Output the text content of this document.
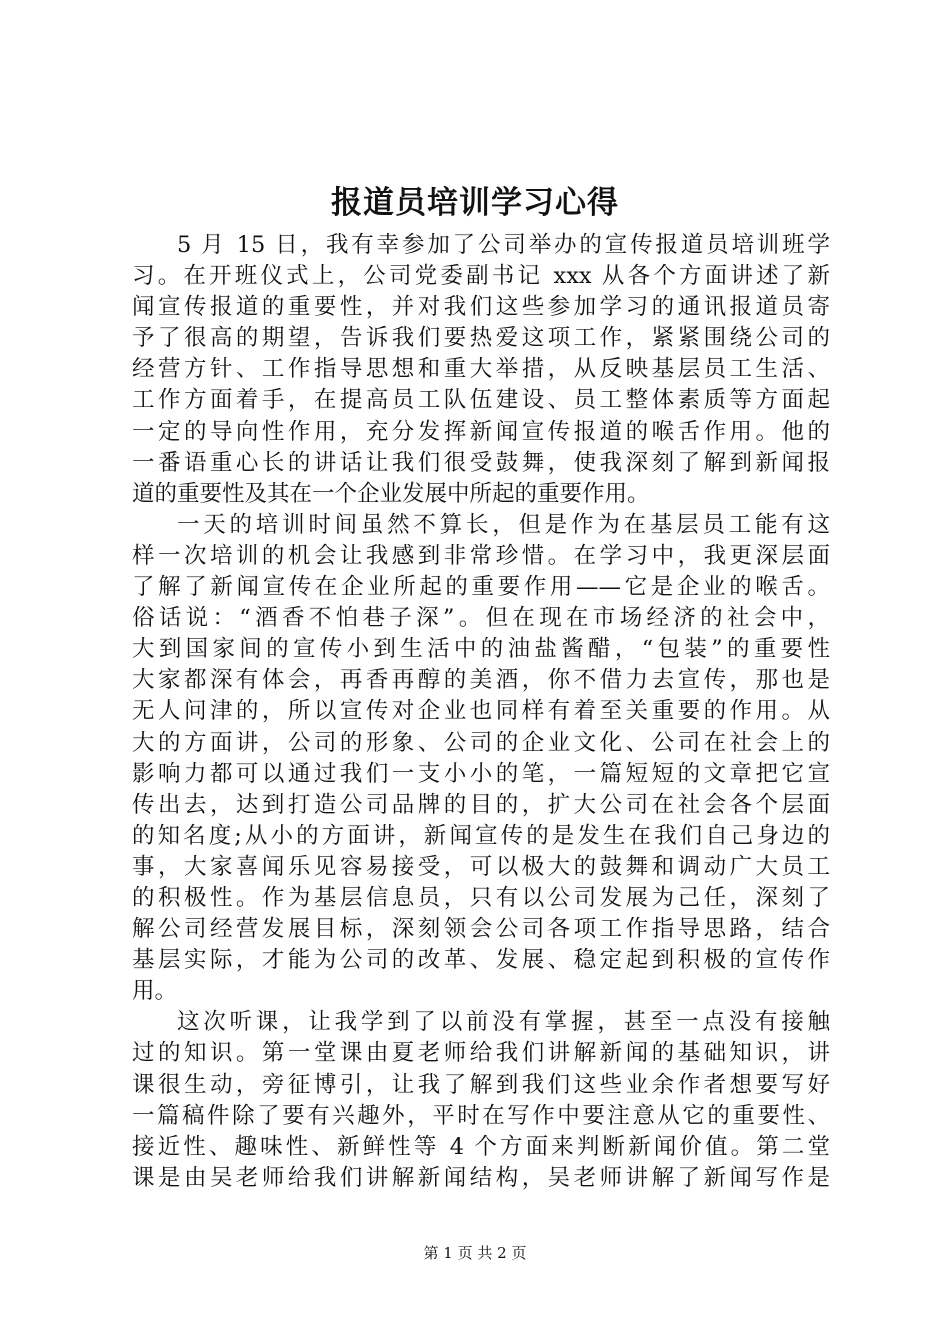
报道员培训学习心得
5 月 15 日，我有幸参加了公司举办的宣传报道员培训班学
习。在开班仪式上，公司党委副书记 xxx 从各个方面讲述了新
闻宣传报道的重要性，并对我们这些参加学习的通讯报道员寄
予了很高的期望，告诉我们要热爱这项工作，紧紧围绕公司的
经营方针、工作指导思想和重大举措，从反映基层员工生活、
工作方面着手，在提高员工队伍建设、员工整体素质等方面起
一定的导向性作用，充分发挥新闻宣传报道的喉舌作用。他的
一番语重心长的讲话让我们很受鼓舞，使我深刻了解到新闻报
道的重要性及其在一个企业发展中所起的重要作用。
一天的培训时间虽然不算长，但是作为在基层员工能有这
样一次培训的机会让我感到非常珍惜。在学习中，我更深层面
了解了新闻宣传在企业所起的重要作用——它是企业的喉舌。
俗话说：“酒香不怕巷子深”。但在现在市场经济的社会中，
大到国家间的宣传小到生活中的油盐酱醋，“包装”的重要性
大家都深有体会，再香再醇的美酒，你不借力去宣传，那也是
无人问津的，所以宣传对企业也同样有着至关重要的作用。从
大的方面讲，公司的形象、公司的企业文化、公司在社会上的
影响力都可以通过我们一支小小的笔，一篇短短的文章把它宣
传出去，达到打造公司品牌的目的，扩大公司在社会各个层面
的知名度;从小的方面讲，新闻宣传的是发生在我们自己身边的
事，大家喜闻乐见容易接受，可以极大的鼓舞和调动广大员工
的积极性。作为基层信息员，只有以公司发展为己任，深刻了
解公司经营发展目标，深刻领会公司各项工作指导思路，结合
基层实际，才能为公司的改革、发展、稳定起到积极的宣传作
用。
这次听课，让我学到了以前没有掌握，甚至一点没有接触
过的知识。第一堂课由夏老师给我们讲解新闻的基础知识，讲
课很生动，旁征博引，让我了解到我们这些业余作者想要写好
一篇稿件除了要有兴趣外，平时在写作中要注意从它的重要性、
接近性、趣味性、新鲜性等 4 个方面来判断新闻价值。第二堂
课是由吴老师给我们讲解新闻结构，吴老师讲解了新闻写作是
第 1 页 共 2 页
